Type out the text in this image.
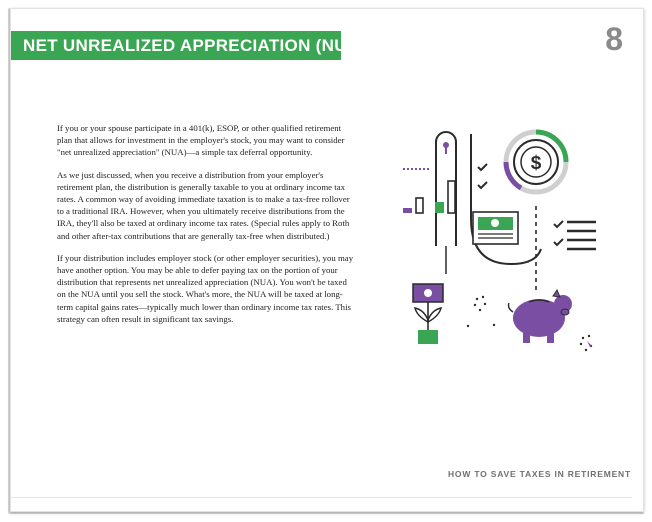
NET UNREALIZED APPRECIATION (NUA)	8

If you or your spouse participate in a 401(k), ESOP, or other qualified retirement plan that allows for investment in the employer's stock, you may want to consider "net unrealized appreciation" (NUA)—a simple tax deferral opportunity.

As we just discussed, when you receive a distribution from your employer's retirement plan, the distribution is generally taxable to you at ordinary income tax rates. A common way of avoiding immediate taxation is to make a tax-free rollover to a traditional IRA. However, when you ultimately receive distributions from the IRA, they'll also be taxed at ordinary income tax rates. (Special rules apply to Roth and other after-tax contributions that are generally tax-free when distributed.)

If your distribution includes employer stock (or other employer securities), you may have another option. You may be able to defer paying tax on the portion of your distribution that represents net unrealized appreciation (NUA). You won't be taxed on the NUA until you sell the stock. What's more, the NUA will be taxed at long-term capital gains rates—typically much lower than ordinary income tax rates. This strategy can often result in significant tax savings.

$
HOW TO SAVE TAXES IN RETIREMENT
